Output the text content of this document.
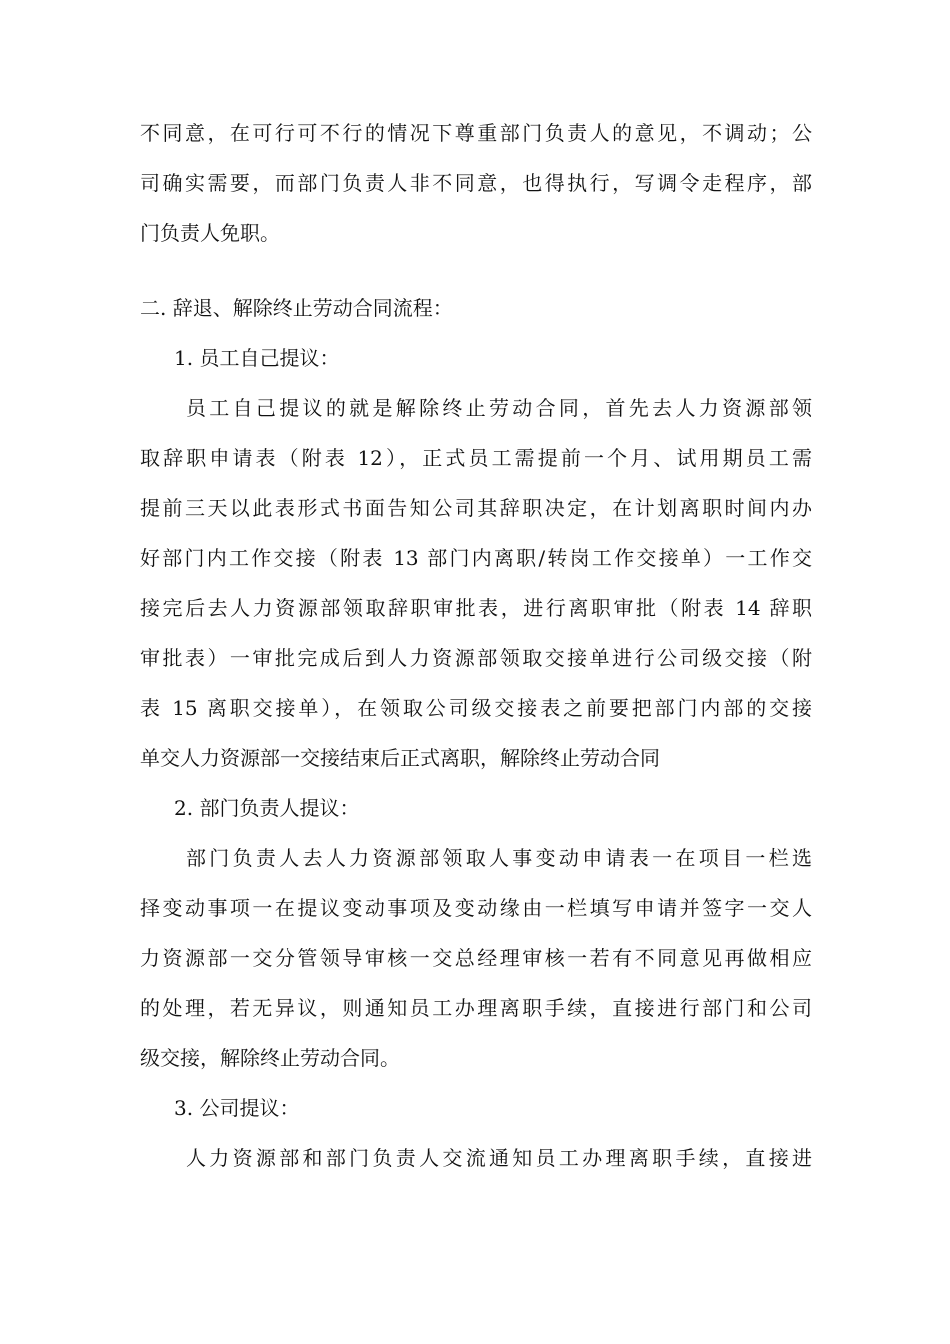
不同意，在可行可不行的情况下尊重部门负责人的意见，不调动；公
司确实需要，而部门负责人非不同意，也得执行，写调令走程序，部
门负责人免职。
二. 辞退、解除终止劳动合同流程：
1. 员工自己提议：
员工自己提议的就是解除终止劳动合同，首先去人力资源部领
取辞职申请表（附表 12），正式员工需提前一个月、试用期员工需
提前三天以此表形式书面告知公司其辞职决定，在计划离职时间内办
好部门内工作交接（附表 13 部门内离职/转岗工作交接单）一工作交
接完后去人力资源部领取辞职审批表，进行离职审批（附表 14 辞职
审批表）一审批完成后到人力资源部领取交接单进行公司级交接（附
表 15 离职交接单），在领取公司级交接表之前要把部门内部的交接
单交人力资源部一交接结束后正式离职，解除终止劳动合同
2. 部门负责人提议：
部门负责人去人力资源部领取人事变动申请表一在项目一栏选
择变动事项一在提议变动事项及变动缘由一栏填写申请并签字一交人
力资源部一交分管领导审核一交总经理审核一若有不同意见再做相应
的处理，若无异议，则通知员工办理离职手续，直接进行部门和公司
级交接，解除终止劳动合同。
3. 公司提议：
人力资源部和部门负责人交流通知员工办理离职手续，直接进
